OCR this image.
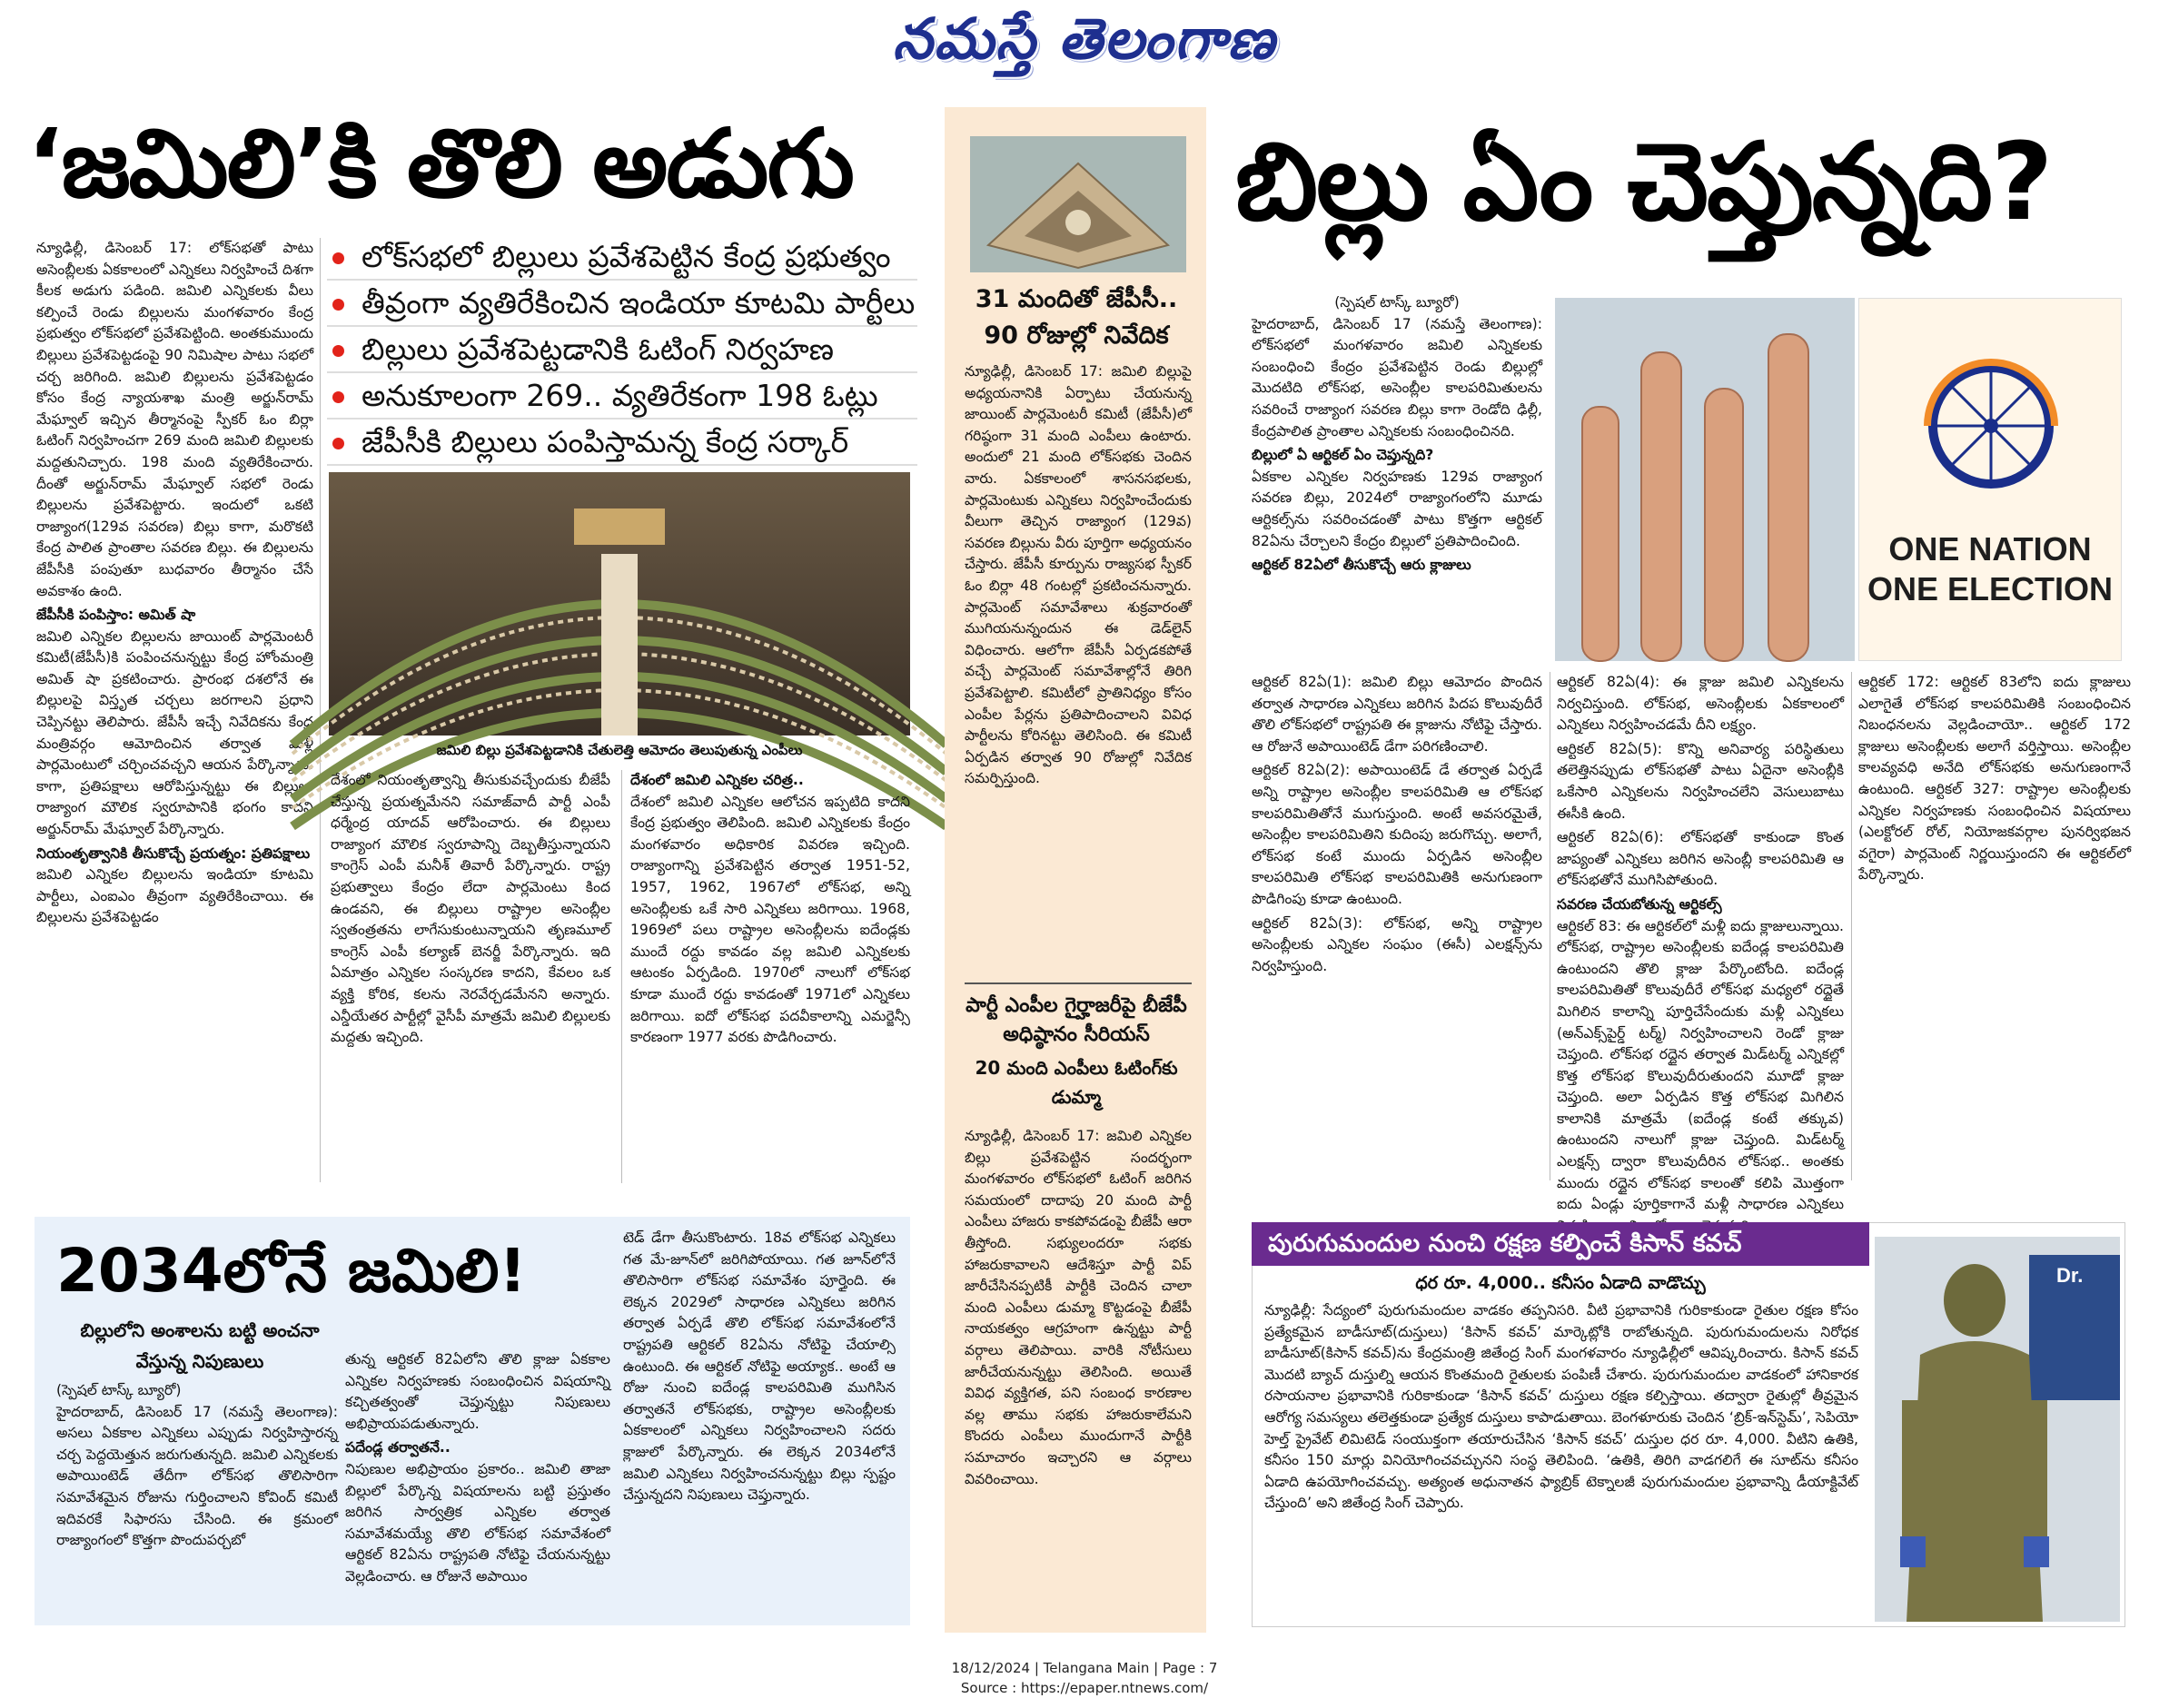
నమస్తే తెలంగాణ
‘జమిలి’కి తొలి అడుగు
లోక్‌సభలో బిల్లులు ప్రవేశపెట్టిన కేంద్ర ప్రభుత్వం
తీవ్రంగా వ్యతిరేకించిన ఇండియా కూటమి పార్టీలు
బిల్లులు ప్రవేశపెట్టడానికి ఓటింగ్ నిర్వహణ
అనుకూలంగా 269.. వ్యతిరేకంగా 198 ఓట్లు
జేపీసీకి బిల్లులు పంపిస్తామన్న కేంద్ర సర్కార్

న్యూఢిల్లీ, డిసెంబర్ 17: లోక్‌సభతో పాటు అసెంబ్లీలకు ఏకకాలంలో ఎన్నికలు నిర్వహించే దిశగా కీలక అడుగు పడింది. జమిలి ఎన్నికలకు వీలు కల్పించే రెండు బిల్లులను మంగళవారం కేంద్ర ప్రభుత్వం లోక్‌సభలో ప్రవేశపెట్టింది. అంతకుముందు బిల్లులు ప్రవేశపెట్టడంపై 90 నిమిషాల పాటు సభలో చర్చ జరిగింది. జమిలి బిల్లులను ప్రవేశపెట్టడం కోసం కేంద్ర న్యాయశాఖ మంత్రి అర్జున్‌రామ్ మేఘ్వాల్ ఇచ్చిన తీర్మానంపై స్పీకర్ ఓం బిర్లా ఓటింగ్ నిర్వహించగా 269 మంది జమిలి బిల్లులకు మద్దతునిచ్చారు. 198 మంది వ్యతిరేకించారు. దీంతో అర్జున్‌రామ్ మేఘ్వాల్ సభలో రెండు బిల్లులను ప్రవేశపెట్టారు. ఇందులో ఒకటి రాజ్యాంగ(129వ సవరణ) బిల్లు కాగా, మరొకటి కేంద్ర పాలిత ప్రాంతాల సవరణ బిల్లు. ఈ బిల్లులను జేపీసీకి పంపుతూ బుధవారం తీర్మానం చేసే అవకాశం ఉంది.

జేపీసీకి పంపిస్తాం: అమిత్ షా

జమిలి ఎన్నికల బిల్లులను జాయింట్ పార్లమెంటరీ కమిటీ(జేపీసీ)కి పంపించనున్నట్టు కేంద్ర హోంమంత్రి అమిత్ షా ప్రకటించారు. ప్రారంభ దశలోనే ఈ బిల్లులపై విస్తృత చర్చలు జరగాలని ప్రధాని చెప్పినట్టు తెలిపారు. జేపీసీ ఇచ్చే నివేదికను కేంద్ర మంత్రివర్గం ఆమోదించిన తర్వాత మళ్లీ పార్లమెంటులో చర్చించవచ్చని ఆయన పేర్కొన్నారు. కాగా, ప్రతిపక్షాలు ఆరోపిస్తున్నట్టు ఈ బిల్లులు రాజ్యాంగ మౌలిక స్వరూపానికి భంగం కాదని అర్జున్‌రామ్ మేఘ్వాల్ పేర్కొన్నారు.

నియంతృత్వానికి తీసుకొచ్చే ప్రయత్నం: ప్రతిపక్షాలు

జమిలి ఎన్నికల బిల్లులను ఇండియా కూటమి పార్టీలు, ఎంఐఎం తీవ్రంగా వ్యతిరేకించాయి. ఈ బిల్లులను ప్రవేశపెట్టడం

జమిలి బిల్లు ప్రవేశపెట్టడానికి చేతులెత్తి ఆమోదం తెలుపుతున్న ఎంపీలు

దేశంలో నియంతృత్వాన్ని తీసుకువచ్చేందుకు బీజేపీ చేస్తున్న ప్రయత్నమేనని సమాజ్‌వాదీ పార్టీ ఎంపీ ధర్మేంద్ర యాదవ్ ఆరోపించారు. ఈ బిల్లులు రాజ్యాంగ మౌలిక స్వరూపాన్ని దెబ్బతీస్తున్నాయని కాంగ్రెస్ ఎంపీ మనీశ్ తివారీ పేర్కొన్నారు. రాష్ట్ర ప్రభుత్వాలు కేంద్రం లేదా పార్లమెంటు కింద ఉండవని, ఈ బిల్లులు రాష్ట్రాల అసెంబ్లీల స్వతంత్రతను లాగేసుకుంటున్నాయని తృణమూల్ కాంగ్రెస్ ఎంపీ కల్యాణ్ బెనర్జీ పేర్కొన్నారు. ఇది ఏమాత్రం ఎన్నికల సంస్కరణ కాదని, కేవలం ఒక వ్యక్తి కోరిక, కలను నెరవేర్చడమేనని అన్నారు. ఎన్డీయేతర పార్టీల్లో వైసీపీ మాత్రమే జమిలి బిల్లులకు మద్దతు ఇచ్చింది.

దేశంలో జమిలి ఎన్నికల చరిత్ర..

దేశంలో జమిలి ఎన్నికల ఆలోచన ఇప్పటిది కాదని కేంద్ర ప్రభుత్వం తెలిపింది. జమిలి ఎన్నికలకు కేంద్రం మంగళవారం అధికారిక వివరణ ఇచ్చింది. రాజ్యాంగాన్ని ప్రవేశపెట్టిన తర్వాత 1951-52, 1957, 1962, 1967లో లోక్‌సభ, అన్ని అసెంబ్లీలకు ఒకే సారి ఎన్నికలు జరిగాయి. 1968, 1969లో పలు రాష్ట్రాల అసెంబ్లీలను ఐదేండ్లకు ముందే రద్దు కావడం వల్ల జమిలి ఎన్నికలకు ఆటంకం ఏర్పడింది. 1970లో నాలుగో లోక్‌సభ కూడా ముందే రద్దు కావడంతో 1971లో ఎన్నికలు జరిగాయి. ఐదో లోక్‌సభ పదవీకాలాన్ని ఎమర్జెన్సీ కారణంగా 1977 వరకు పొడిగించారు.

31 మందితో జేపీసీ.. 90 రోజుల్లో నివేదిక

న్యూఢిల్లీ, డిసెంబర్ 17: జమిలి బిల్లుపై అధ్యయనానికి ఏర్పాటు చేయనున్న జాయింట్ పార్లమెంటరీ కమిటీ (జేపీసీ)లో గరిష్ఠంగా 31 మంది ఎంపీలు ఉంటారు. అందులో 21 మంది లోక్‌సభకు చెందిన వారు. ఏకకాలంలో శాసనసభలకు, పార్లమెంటుకు ఎన్నికలు నిర్వహించేందుకు వీలుగా తెచ్చిన రాజ్యాంగ (129వ) సవరణ బిల్లును వీరు పూర్తిగా అధ్యయనం చేస్తారు. జేపీసీ కూర్పును రాజ్యసభ స్పీకర్ ఓం బిర్లా 48 గంటల్లో ప్రకటించనున్నారు. పార్లమెంట్ సమావేశాలు శుక్రవారంతో ముగియనున్నందున ఈ డెడ్‌లైన్ విధించారు. ఆలోగా జేపీసీ ఏర్పడకపోతే వచ్చే పార్లమెంట్ సమావేశాల్లోనే తిరిగి ప్రవేశపెట్టాలి. కమిటీలో ప్రాతినిధ్యం కోసం ఎంపీల పేర్లను ప్రతిపాదించాలని వివిధ పార్టీలను కోరినట్టు తెలిసింది. ఈ కమిటీ ఏర్పడిన తర్వాత 90 రోజుల్లో నివేదిక సమర్పిస్తుంది.

పార్టీ ఎంపీల గైర్హాజరీపై బీజేపీ అధిష్ఠానం సీరియస్
20 మంది ఎంపీలు ఓటింగ్‌కు డుమ్మా

న్యూఢిల్లీ, డిసెంబర్ 17: జమిలి ఎన్నికల బిల్లు ప్రవేశపెట్టిన సందర్భంగా మంగళవారం లోక్‌సభలో ఓటింగ్ జరిగిన సమయంలో దాదాపు 20 మంది పార్టీ ఎంపీలు హాజరు కాకపోవడంపై బీజేపీ ఆరా తీస్తోంది. సభ్యులందరూ సభకు హాజరుకావాలని ఆదేశిస్తూ పార్టీ విప్ జారీచేసినప్పటికీ పార్టీకి చెందిన చాలా మంది ఎంపీలు డుమ్మా కొట్టడంపై బీజేపీ నాయకత్వం ఆగ్రహంగా ఉన్నట్టు పార్టీ వర్గాలు తెలిపాయి. వారికి నోటీసులు జారీచేయనున్నట్టు తెలిసింది. అయితే వివిధ వ్యక్తిగత, పని సంబంధ కారణాల వల్ల తాము సభకు హాజరుకాలేమని కొందరు ఎంపీలు ముందుగానే పార్టీకి సమాచారం ఇచ్చారని ఆ వర్గాలు వివరించాయి.

బిల్లు ఏం చెప్తున్నది?
(స్పెషల్ టాస్క్ బ్యూరో)

హైదరాబాద్, డిసెంబర్ 17 (నమస్తే తెలంగాణ): లోక్‌సభలో మంగళవారం జమిలి ఎన్నికలకు సంబంధించి కేంద్రం ప్రవేశపెట్టిన రెండు బిల్లుల్లో మొదటిది లోక్‌సభ, అసెంబ్లీల కాలపరిమితులను సవరించే రాజ్యాంగ సవరణ బిల్లు కాగా రెండోది ఢిల్లీ, కేంద్రపాలిత ప్రాంతాల ఎన్నికలకు సంబంధించినది.

బిల్లులో ఏ ఆర్టికల్ ఏం చెప్తున్నది?

ఏకకాల ఎన్నికల నిర్వహణకు 129వ రాజ్యాంగ సవరణ బిల్లు, 2024లో రాజ్యాంగంలోని మూడు ఆర్టికల్స్‌ను సవరించడంతో పాటు కొత్తగా ఆర్టికల్ 82ఏను చేర్చాలని కేంద్రం బిల్లులో ప్రతిపాదించింది.

ఆర్టికల్ 82ఏలో తీసుకొచ్చే ఆరు క్లాజులు	ONE NATION
ONE ELECTION

ఆర్టికల్ 82ఏ(1): జమిలి బిల్లు ఆమోదం పొందిన తర్వాత సాధారణ ఎన్నికలు జరిగిన పిదప కొలువుదీరే తొలి లోక్‌సభలో రాష్ట్రపతి ఈ క్లాజును నోటిఫై చేస్తారు. ఆ రోజునే అపాయింటెడ్ డేగా పరిగణించాలి.

ఆర్టికల్ 82ఏ(2): అపాయింటెడ్ డే తర్వాత ఏర్పడే అన్ని రాష్ట్రాల అసెంబ్లీల కాలపరిమితి ఆ లోక్‌సభ కాలపరిమితితోనే ముగుస్తుంది. అంటే అవసరమైతే, అసెంబ్లీల కాలపరిమితిని కుదింపు జరుగొచ్చు. అలాగే, లోక్‌సభ కంటే ముందు ఏర్పడిన అసెంబ్లీల కాలపరిమితి లోక్‌సభ కాలపరిమితికి అనుగుణంగా పొడిగింపు కూడా ఉంటుంది.

ఆర్టికల్ 82ఏ(3): లోక్‌సభ, అన్ని రాష్ట్రాల అసెంబ్లీలకు ఎన్నికల సంఘం (ఈసీ) ఎలక్షన్స్‌ను నిర్వహిస్తుంది.

ఆర్టికల్ 82ఏ(4): ఈ క్లాజు జమిలి ఎన్నికలను నిర్వచిస్తుంది. లోక్‌సభ, అసెంబ్లీలకు ఏకకాలంలో ఎన్నికలు నిర్వహించడమే దీని లక్ష్యం.

ఆర్టికల్ 82ఏ(5): కొన్ని అనివార్య పరిస్థితులు తలెత్తినప్పుడు లోక్‌సభతో పాటు ఏదైనా అసెంబ్లీకి ఒకేసారి ఎన్నికలను నిర్వహించలేని వెసులుబాటు ఈసీకి ఉంది.

ఆర్టికల్ 82ఏ(6): లోక్‌సభతో కాకుండా కొంత జాప్యంతో ఎన్నికలు జరిగిన అసెంబ్లీ కాలపరిమితి ఆ లోక్‌సభతోనే ముగిసిపోతుంది.

సవరణ చేయబోతున్న ఆర్టికల్స్

ఆర్టికల్ 83: ఈ ఆర్టికల్‌లో మళ్లీ ఐదు క్లాజులున్నాయి. లోక్‌సభ, రాష్ట్రాల అసెంబ్లీలకు ఐదేండ్ల కాలపరిమితి ఉంటుందని తొలి క్లాజు పేర్కొంటోంది. ఐదేండ్ల కాలపరిమితితో కొలువుదీరే లోక్‌సభ మధ్యలో రద్దైతే మిగిలిన కాలాన్ని పూర్తిచేసేందుకు మళ్లీ ఎన్నికలు (అన్‌ఎక్స్‌పైర్డ్ టర్మ్) నిర్వహించాలని రెండో క్లాజు చెప్తుంది. లోక్‌సభ రద్దైన తర్వాత మిడ్‌టర్మ్ ఎన్నికల్లో కొత్త లోక్‌సభ కొలువుదీరుతుందని మూడో క్లాజు చెప్తుంది. అలా ఏర్పడిన కొత్త లోక్‌సభ మిగిలిన కాలానికి మాత్రమే (ఐదేండ్ల కంటే తక్కువ) ఉంటుందని నాలుగో క్లాజు చెప్తుంది. మిడ్‌టర్మ్ ఎలక్షన్స్ ద్వారా కొలువుదీరిన లోక్‌సభ.. అంతకు ముందు రద్దైన లోక్‌సభ కాలంతో కలిపి మొత్తంగా ఐదు ఏండ్లు పూర్తికాగానే మళ్లీ సాధారణ ఎన్నికలు

ఆర్టికల్ 172: ఆర్టికల్ 83లోని ఐదు క్లాజులు ఎలాగైతే లోక్‌సభ కాలపరిమితికి సంబంధించిన నిబంధనలను వెల్లడించాయో.. ఆర్టికల్ 172 క్లాజులు అసెంబ్లీలకు అలాగే వర్తిస్తాయి. అసెంబ్లీల కాలవ్యవధి అనేది లోక్‌సభకు అనుగుణంగానే ఉంటుంది. ఆర్టికల్ 327: రాష్ట్రాల అసెంబ్లీలకు ఎన్నికల నిర్వహణకు సంబంధించిన విషయాలు (ఎలక్టోరల్ రోల్, నియోజకవర్గాల పునర్విభజన వగైరా) పార్లమెంట్ నిర్ణయిస్తుందని ఈ ఆర్టికల్‌లో పేర్కొన్నారు.

2034లోనే జమిలి!
బిల్లులోని అంశాలను బట్టి అంచనా వేస్తున్న నిపుణులు
(స్పెషల్ టాస్క్ బ్యూరో)

హైదరాబాద్, డిసెంబర్ 17 (నమస్తే తెలంగాణ): అసలు ఏకకాల ఎన్నికలు ఎప్పుడు నిర్వహిస్తారన్న చర్చ పెద్దయెత్తున జరుగుతున్నది. జమిలి ఎన్నికలకు అపాయింటెడ్ తేదీగా లోక్‌సభ తొలిసారిగా సమావేశమైన రోజును గుర్తించాలని కోవింద్ కమిటీ ఇదివరకే సిఫారసు చేసింది. ఈ క్రమంలో రాజ్యాంగంలో కొత్తగా పొందుపర్చబో

తున్న ఆర్టికల్ 82ఏలోని తొలి క్లాజు ఏకకాల ఎన్నికల నిర్వహణకు సంబంధించిన విషయాన్ని కచ్చితత్వంతో చెప్తున్నట్టు నిపుణులు అభిప్రాయపడుతున్నారు.

పదేండ్ల తర్వాతనే..

నిపుణుల అభిప్రాయం ప్రకారం.. జమిలి తాజా బిల్లులో పేర్కొన్న విషయాలను బట్టి ప్రస్తుతం జరిగిన సార్వత్రిక ఎన్నికల తర్వాత సమావేశమయ్యే తొలి లోక్‌సభ సమావేశంలో ఆర్టికల్ 82ఏను రాష్ట్రపతి నోటిఫై చేయనున్నట్టు వెల్లడించారు. ఆ రోజునే అపాయిం

టెడ్ డేగా తీసుకొంటారు. 18వ లోక్‌సభ ఎన్నికలు గత మే-జూన్‌లో జరిగిపోయాయి. గత జూన్‌లోనే తొలిసారిగా లోక్‌సభ సమావేశం పూర్తైంది. ఈ లెక్కన 2029లో సాధారణ ఎన్నికలు జరిగిన తర్వాత ఏర్పడే తొలి లోక్‌సభ సమావేశంలోనే రాష్ట్రపతి ఆర్టికల్ 82ఏను నోటిఫై చేయాల్సి ఉంటుంది. ఈ ఆర్టికల్ నోటిఫై అయ్యాక.. అంటే ఆ రోజు నుంచి ఐదేండ్ల కాలపరిమితి ముగిసిన తర్వాతనే లోక్‌సభకు, రాష్ట్రాల అసెంబ్లీలకు ఏకకాలంలో ఎన్నికలు నిర్వహించాలని సదరు క్లాజులో పేర్కొన్నారు. ఈ లెక్కన 2034లోనే జమిలి ఎన్నికలు నిర్వహించనున్నట్టు బిల్లు స్పష్టం చేస్తున్నదని నిపుణులు చెప్తున్నారు.

పురుగుమందుల నుంచి రక్షణ కల్పించే కిసాన్ కవచ్
ధర రూ. 4,000.. కనీసం ఏడాది వాడొచ్చు

న్యూఢిల్లీ: సేద్యంలో పురుగుమందుల వాడకం తప్పనిసరి. వీటి ప్రభావానికి గురికాకుండా రైతుల రక్షణ కోసం ప్రత్యేకమైన బాడీసూట్(దుస్తులు) ‘కిసాన్ కవచ్’ మార్కెట్లోకి రాబోతున్నది. పురుగుమందులను నిరోధక బాడీసూట్(కిసాన్ కవచ్)ను కేంద్రమంత్రి జితేంద్ర సింగ్ మంగళవారం న్యూఢిల్లీలో ఆవిష్కరించారు. కిసాన్ కవచ్ మొదటి బ్యాచ్ దుస్తుల్ని ఆయన కొంతమంది రైతులకు పంపిణీ చేశారు. పురుగుమందుల వాడకంలో హానికారక రసాయనాల ప్రభావానికి గురికాకుండా ‘కిసాన్ కవచ్’ దుస్తులు రక్షణ కల్పిస్తాయి. తద్వారా రైతుల్లో తీవ్రమైన ఆరోగ్య సమస్యలు తలెత్తకుండా ప్రత్యేక దుస్తులు కాపాడుతాయి. బెంగళూరుకు చెందిన ‘బ్రిక్-ఇన్‌స్టెమ్’, సెపియో హెల్త్ ప్రైవేట్ లిమిటెడ్ సంయుక్తంగా తయారుచేసిన ‘కిసాన్ కవచ్’ దుస్తుల ధర రూ. 4,000. వీటిని ఉతికి, కనీసం 150 మార్లు వినియోగించవచ్చునని సంస్థ తెలిపింది. ‘ఉతికి, తిరిగి వాడగలిగే ఈ సూట్‌ను కనీసం ఏడాది ఉపయోగించవచ్చు. అత్యంత అధునాతన ఫ్యాబ్రిక్ టెక్నాలజీ పురుగుమందుల ప్రభావాన్ని డీయాక్టివేట్ చేస్తుంది’ అని జితేంద్ర సింగ్ చెప్పారు.

Dr.
18/12/2024 | Telangana Main | Page : 7
Source : https://epaper.ntnews.com/
